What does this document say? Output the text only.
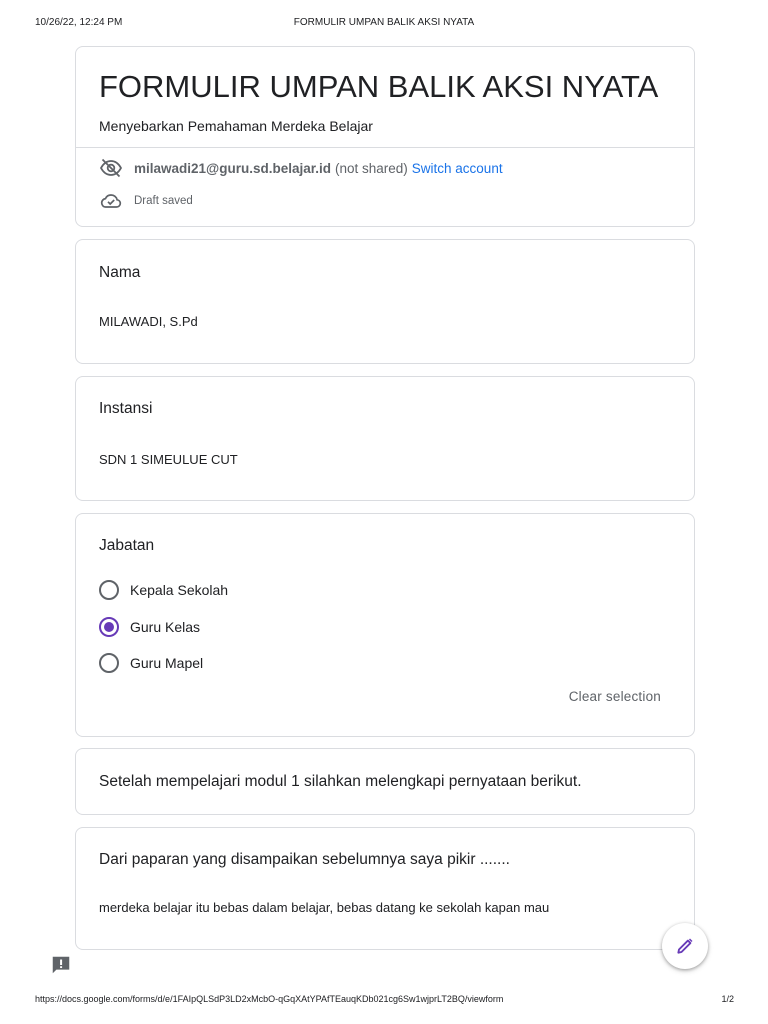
10/26/22, 12:24 PM	FORMULIR UMPAN BALIK AKSI NYATA
FORMULIR UMPAN BALIK AKSI NYATA
Menyebarkan Pemahaman Merdeka Belajar
milawadi21@guru.sd.belajar.id (not shared) Switch account
Draft saved
Nama
MILAWADI, S.Pd
Instansi
SDN 1 SIMEULUE CUT
Jabatan
Kepala Sekolah
Guru Kelas
Guru Mapel
Clear selection
Setelah mempelajari modul 1 silahkan melengkapi pernyataan berikut.
Dari paparan yang disampaikan sebelumnya saya pikir .......
merdeka belajar itu bebas dalam belajar, bebas datang ke sekolah kapan mau
https://docs.google.com/forms/d/e/1FAIpQLSdP3LD2xMcbO-qGqXAtYPAfTEauqKDb021cg6Sw1wjprLT2BQ/viewform	1/2
